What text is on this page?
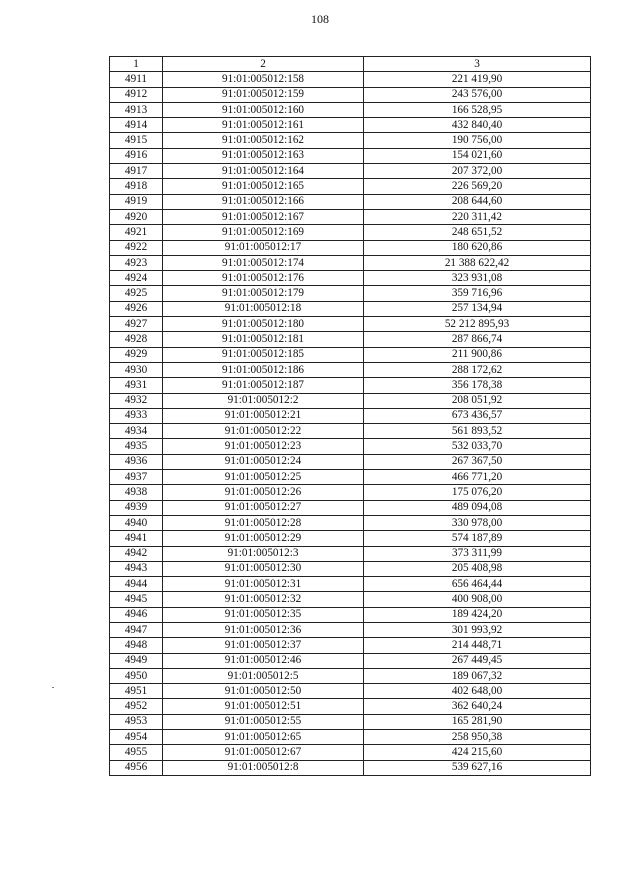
108
1	2	3
4911	91:01:005012:158	221 419,90
4912	91:01:005012:159	243 576,00
4913	91:01:005012:160	166 528,95
4914	91:01:005012:161	432 840,40
4915	91:01:005012:162	190 756,00
4916	91:01:005012:163	154 021,60
4917	91:01:005012:164	207 372,00
4918	91:01:005012:165	226 569,20
4919	91:01:005012:166	208 644,60
4920	91:01:005012:167	220 311,42
4921	91:01:005012:169	248 651,52
4922	91:01:005012:17	180 620,86
4923	91:01:005012:174	21 388 622,42
4924	91:01:005012:176	323 931,08
4925	91:01:005012:179	359 716,96
4926	91:01:005012:18	257 134,94
4927	91:01:005012:180	52 212 895,93
4928	91:01:005012:181	287 866,74
4929	91:01:005012:185	211 900,86
4930	91:01:005012:186	288 172,62
4931	91:01:005012:187	356 178,38
4932	91:01:005012:2	208 051,92
4933	91:01:005012:21	673 436,57
4934	91:01:005012:22	561 893,52
4935	91:01:005012:23	532 033,70
4936	91:01:005012:24	267 367,50
4937	91:01:005012:25	466 771,20
4938	91:01:005012:26	175 076,20
4939	91:01:005012:27	489 094,08
4940	91:01:005012:28	330 978,00
4941	91:01:005012:29	574 187,89
4942	91:01:005012:3	373 311,99
4943	91:01:005012:30	205 408,98
4944	91:01:005012:31	656 464,44
4945	91:01:005012:32	400 908,00
4946	91:01:005012:35	189 424,20
4947	91:01:005012:36	301 993,92
4948	91:01:005012:37	214 448,71
4949	91:01:005012:46	267 449,45
4950	91:01:005012:5	189 067,32
4951	91:01:005012:50	402 648,00
4952	91:01:005012:51	362 640,24
4953	91:01:005012:55	165 281,90
4954	91:01:005012:65	258 950,38
4955	91:01:005012:67	424 215,60
4956	91:01:005012:8	539 627,16
